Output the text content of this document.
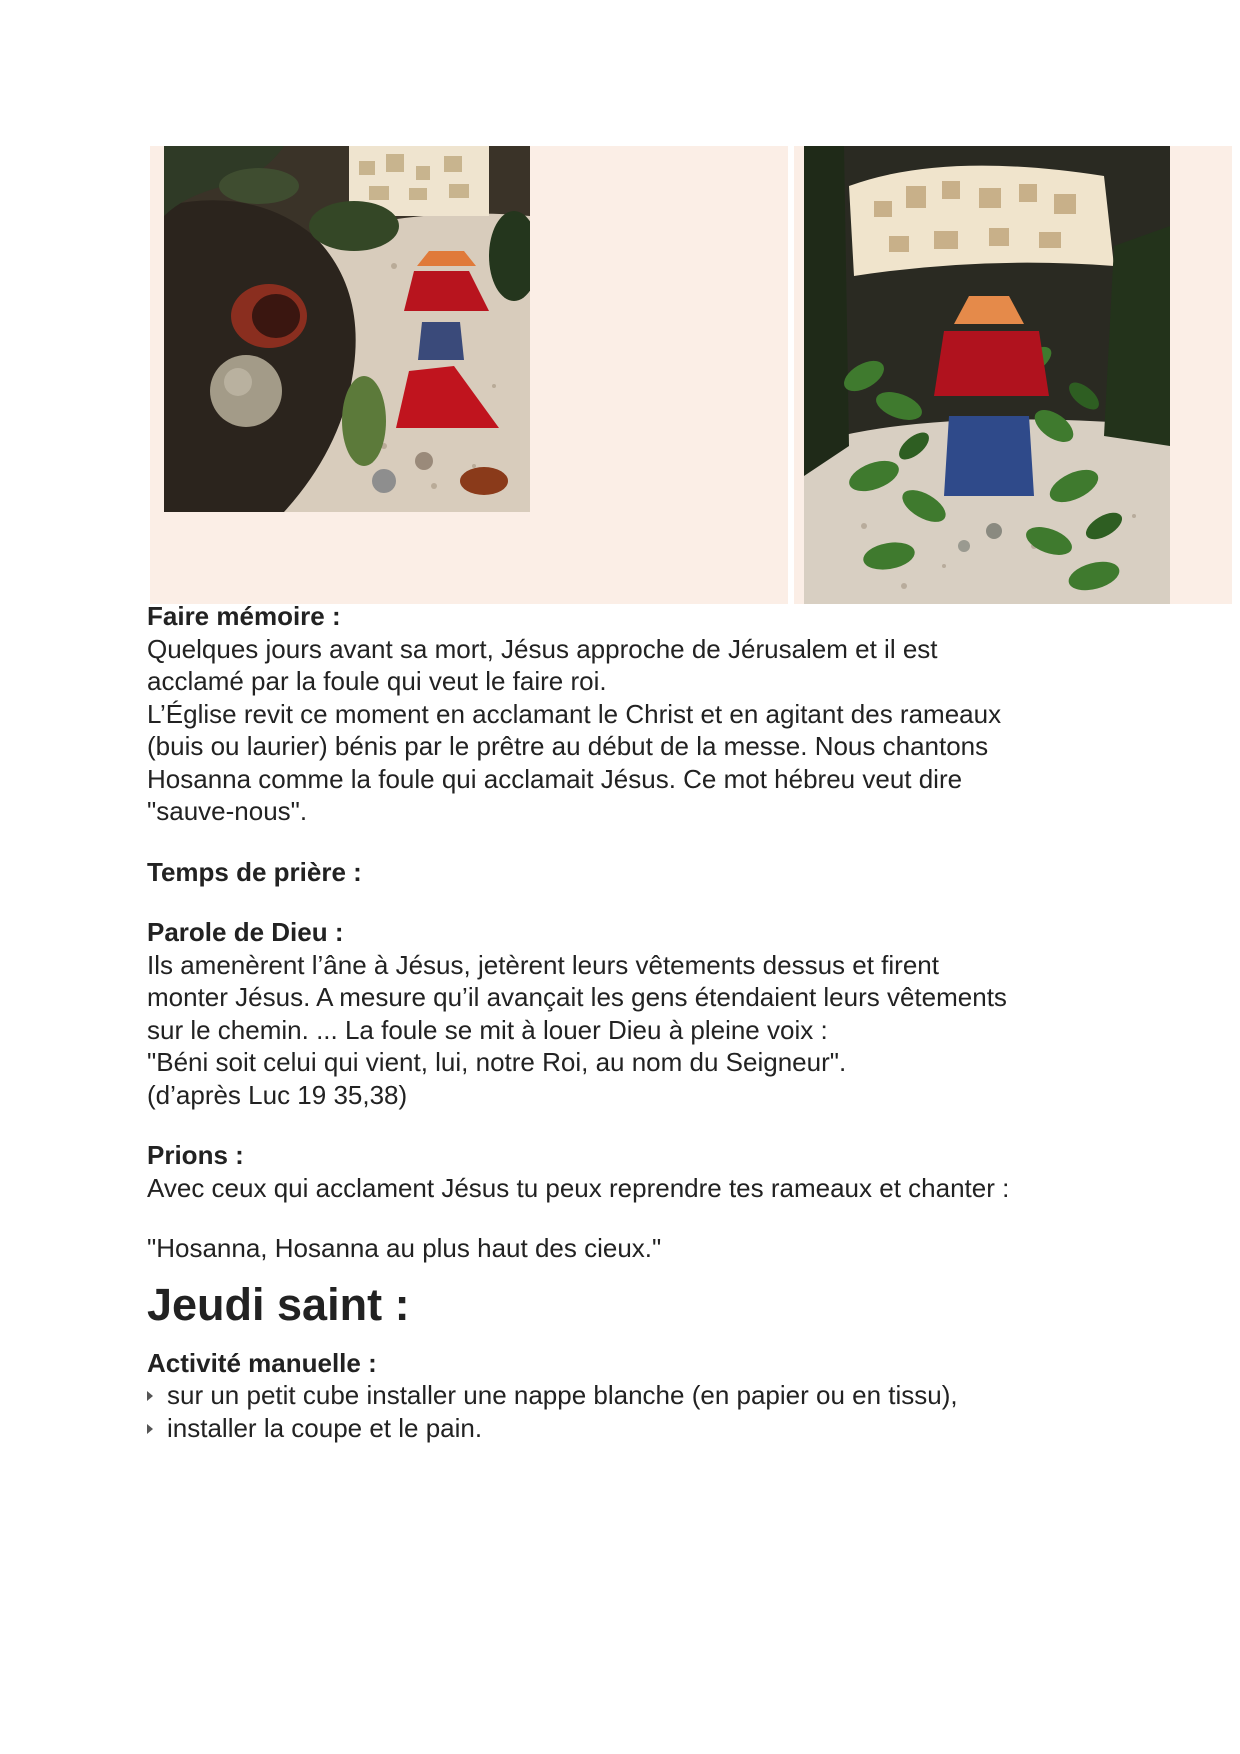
Faire mémoire :

Quelques jours avant sa mort, Jésus approche de Jérusalem et il est

acclamé par la foule qui veut le faire roi.

L’Église revit ce moment en acclamant le Christ et en agitant des rameaux

(buis ou laurier) bénis par le prêtre au début de la messe. Nous chantons

Hosanna comme la foule qui acclamait Jésus. Ce mot hébreu veut dire

"sauve-nous".

Temps de prière :

Parole de Dieu :

Ils amenèrent l’âne à Jésus, jetèrent leurs vêtements dessus et firent

monter Jésus. A mesure qu’il avançait les gens étendaient leurs vêtements

sur le chemin. ... La foule se mit à louer Dieu à pleine voix :

"Béni soit celui qui vient, lui, notre Roi, au nom du Seigneur".

(d’après Luc 19 35,38)

Prions :

Avec ceux qui acclament Jésus tu peux reprendre tes rameaux et chanter :

"Hosanna, Hosanna au plus haut des cieux."

Jeudi saint :

Activité manuelle :

sur un petit cube installer une nappe blanche (en papier ou en tissu),
installer la coupe et le pain.
